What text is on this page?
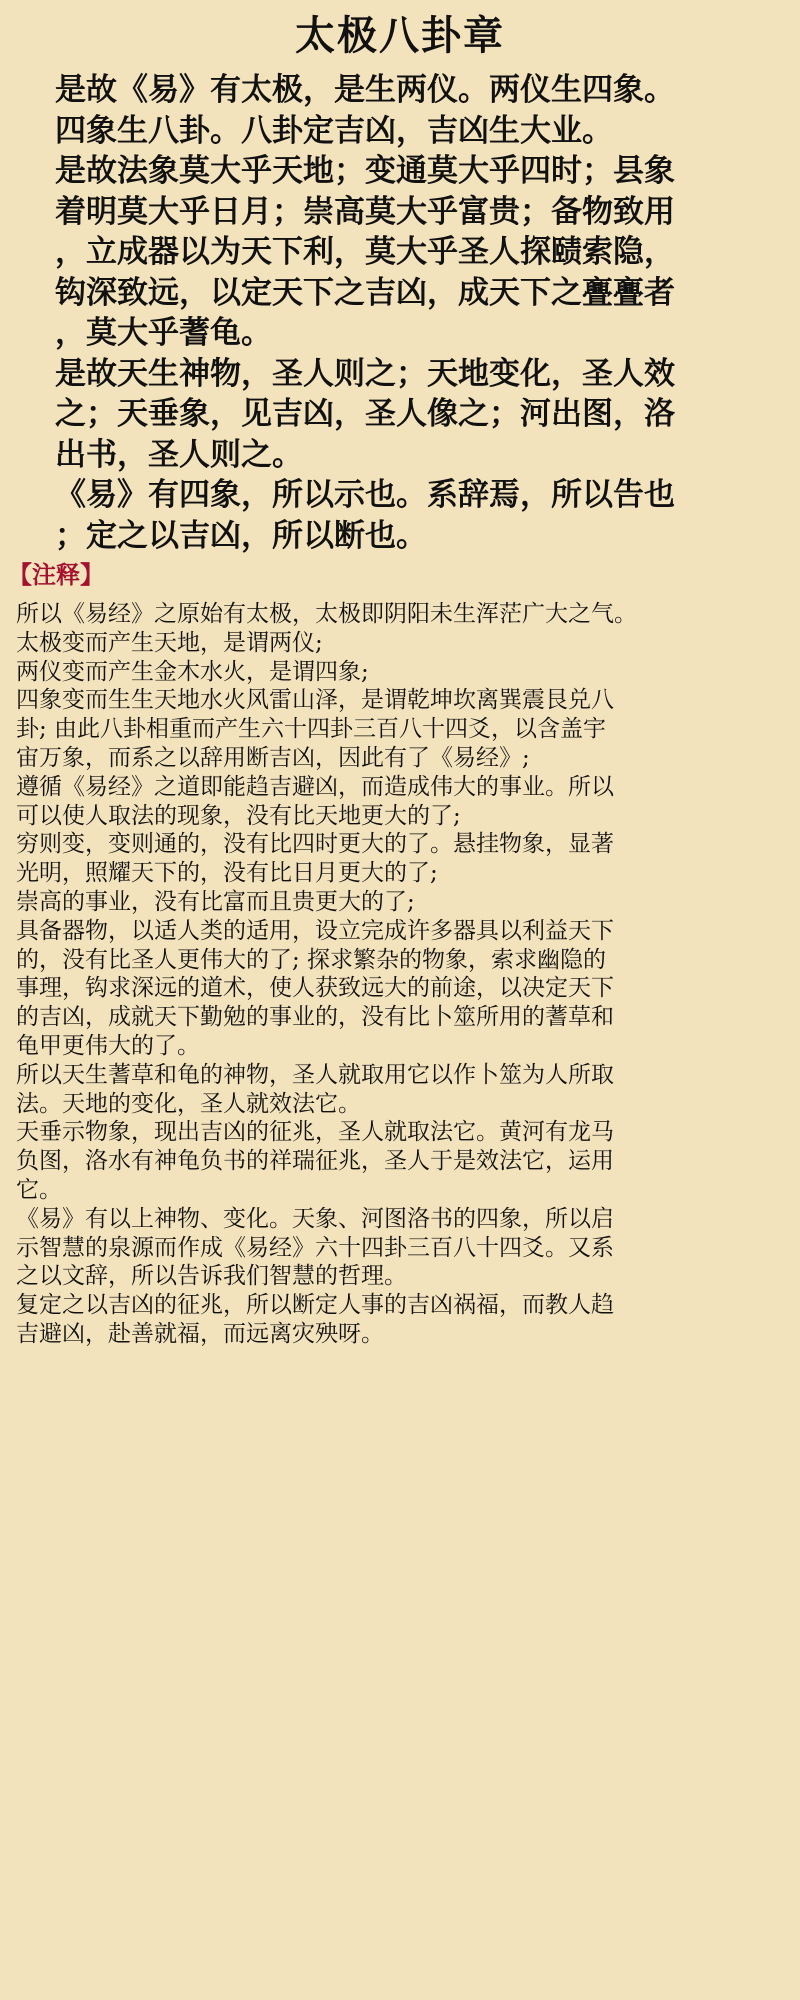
太极八卦章
是故《易》有太极，是生两仪。两仪生四象。
四象生八卦。八卦定吉凶，吉凶生大业。
是故法象莫大乎天地；变通莫大乎四时；县象
着明莫大乎日月；崇高莫大乎富贵；备物致用
，立成器以为天下利，莫大乎圣人探赜索隐，
钩深致远，以定天下之吉凶，成天下之亹亹者
，莫大乎蓍龟。
是故天生神物，圣人则之；天地变化，圣人效
之；天垂象，见吉凶，圣人像之；河出图，洛
出书，圣人则之。
《易》有四象，所以示也。系辞焉，所以告也
；定之以吉凶，所以断也。
【注释】
所以《易经》之原始有太极，太极即阴阳未生浑茫广大之气。
太极变而产生天地，是谓两仪;
两仪变而产生金木水火，是谓四象;
四象变而生生天地水火风雷山泽，是谓乾坤坎离巽震艮兑八
卦; 由此八卦相重而产生六十四卦三百八十四爻，以含盖宇
宙万象，而系之以辞用断吉凶，因此有了《易经》;
遵循《易经》之道即能趋吉避凶，而造成伟大的事业。所以
可以使人取法的现象，没有比天地更大的了;
穷则变，变则通的，没有比四时更大的了。悬挂物象，显著
光明，照耀天下的，没有比日月更大的了;
崇高的事业，没有比富而且贵更大的了;
具备器物，以适人类的适用，设立完成许多器具以利益天下
的，没有比圣人更伟大的了; 探求繁杂的物象，索求幽隐的
事理，钩求深远的道术，使人获致远大的前途，以决定天下
的吉凶，成就天下勤勉的事业的，没有比卜筮所用的蓍草和
龟甲更伟大的了。
所以天生蓍草和龟的神物，圣人就取用它以作卜筮为人所取
法。天地的变化，圣人就效法它。
天垂示物象，现出吉凶的征兆，圣人就取法它。黄河有龙马
负图，洛水有神龟负书的祥瑞征兆，圣人于是效法它，运用
它。
《易》有以上神物、变化。天象、河图洛书的四象，所以启
示智慧的泉源而作成《易经》六十四卦三百八十四爻。又系
之以文辞，所以告诉我们智慧的哲理。
复定之以吉凶的征兆，所以断定人事的吉凶祸福，而教人趋
吉避凶，赴善就福，而远离灾殃呀。
